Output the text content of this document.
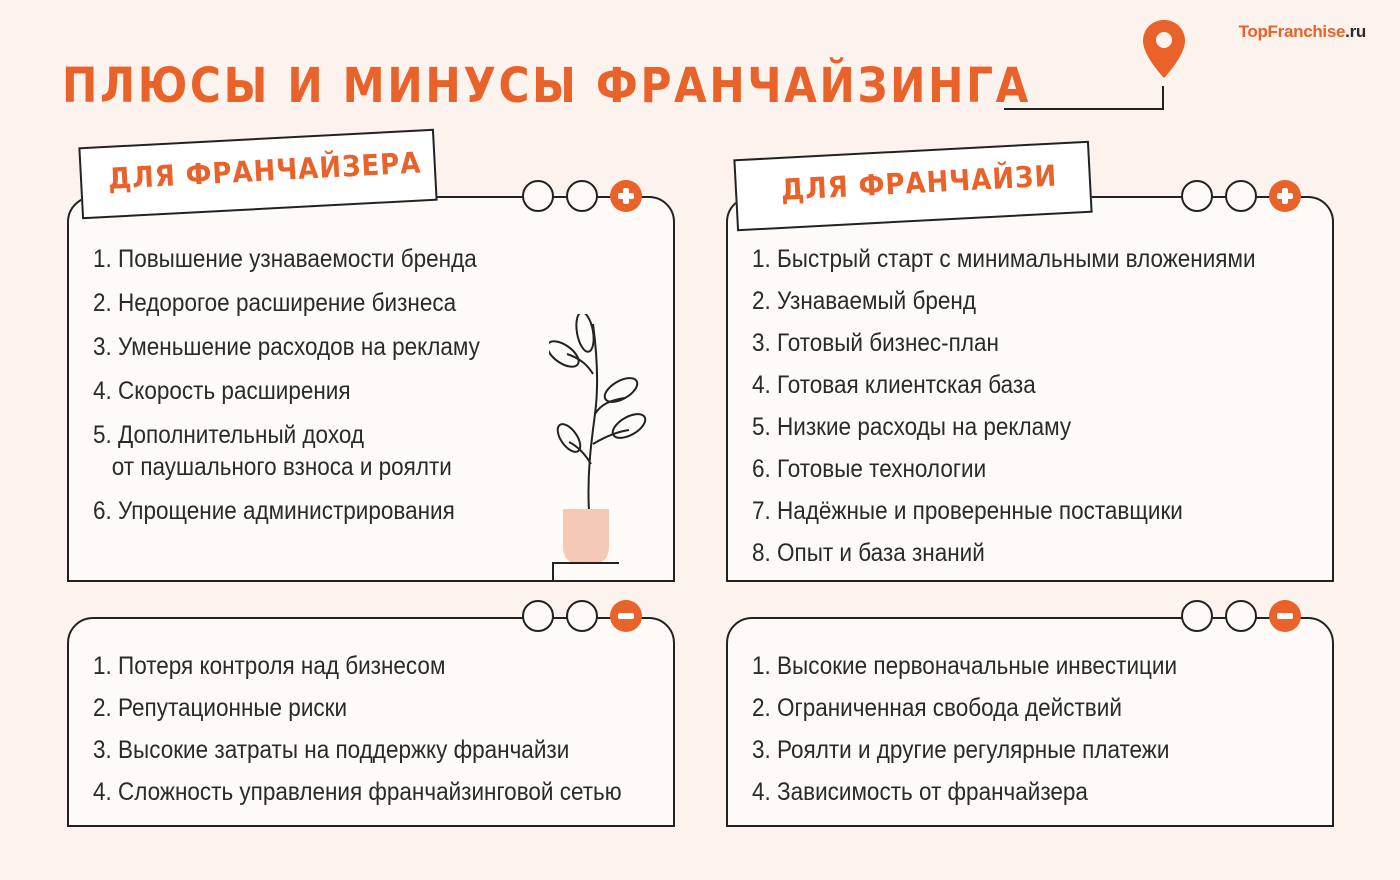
TopFranchise.ru
ПЛЮСЫ И МИНУСЫ ФРАНЧАЙЗИНГА
1. Повышение узнаваемости бренда
2. Недорогое расширение бизнеса
3. Уменьшение расходов на рекламу
4. Скорость расширения
5. Дополнительный доход
от паушального взноса и роялти
6. Упрощение администрирования
ДЛЯ ФРАНЧАЙЗЕРА
1. Быстрый старт с минимальными вложениями
2. Узнаваемый бренд
3. Готовый бизнес-план
4. Готовая клиентская база
5. Низкие расходы на рекламу
6. Готовые технологии
7. Надёжные и проверенные поставщики
8. Опыт и база знаний
ДЛЯ ФРАНЧАЙЗИ
1. Потеря контроля над бизнесом
2. Репутационные риски
3. Высокие затраты на поддержку франчайзи
4. Сложность управления франчайзинговой сетью
1. Высокие первоначальные инвестиции
2. Ограниченная свобода действий
3. Роялти и другие регулярные платежи
4. Зависимость от франчайзера
